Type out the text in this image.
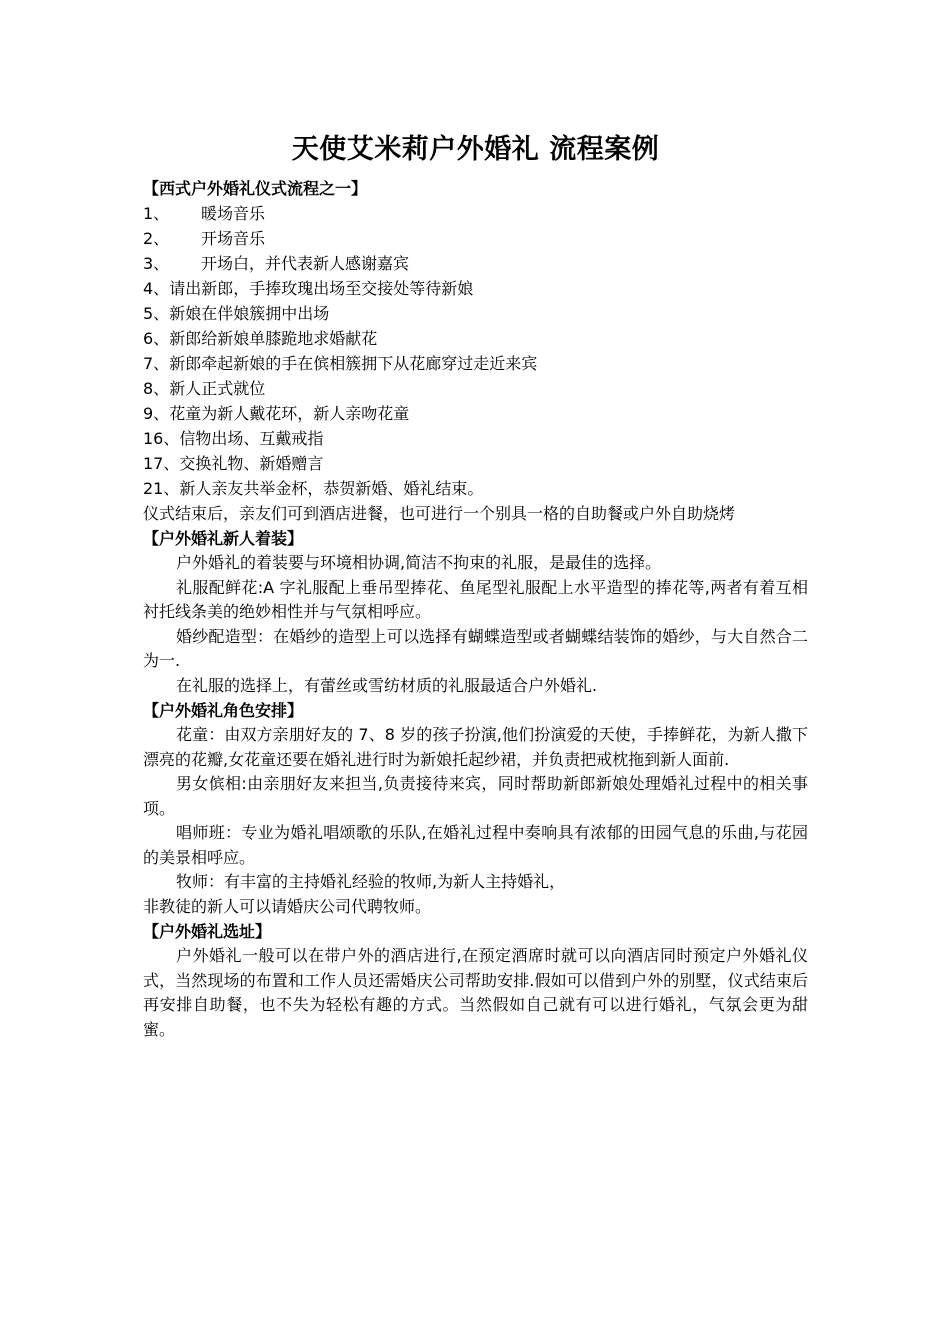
天使艾米莉户外婚礼 流程案例

【西式户外婚礼仪式流程之一】

1、	暖场音乐
2、	开场音乐
3、	开场白，并代表新人感谢嘉宾
4、 请出新郎，手捧玫瑰出场至交接处等待新娘
5、 新娘在伴娘簇拥中出场
6、 新郎给新娘单膝跪地求婚献花
7、 新郎牵起新娘的手在傧相簇拥下从花廊穿过走近来宾
8、 新人正式就位
9、 花童为新人戴花环，新人亲吻花童
16、 信物出场、互戴戒指
17、 交换礼物、新婚赠言
21、 新人亲友共举金杯，恭贺新婚、婚礼结束。

仪式结束后，亲友们可到酒店进餐，也可进行一个别具一格的自助餐或户外自助烧烤

【户外婚礼新人着装】

户外婚礼的着装要与环境相协调,简洁不拘束的礼服，是最佳的选择。

礼服配鲜花:A 字礼服配上垂吊型捧花、鱼尾型礼服配上水平造型的捧花等,两者有着互相衬托线条美的绝妙相性并与气氛相呼应。

婚纱配造型：在婚纱的造型上可以选择有蝴蝶造型或者蝴蝶结装饰的婚纱，与大自然合二为一.

在礼服的选择上，有蕾丝或雪纺材质的礼服最适合户外婚礼.

【户外婚礼角色安排】

花童：由双方亲朋好友的 7、8 岁的孩子扮演,他们扮演爱的天使，手捧鲜花，为新人撒下漂亮的花瓣,女花童还要在婚礼进行时为新娘托起纱裙，并负责把戒枕拖到新人面前.

男女傧相:由亲朋好友来担当,负责接待来宾，同时帮助新郎新娘处理婚礼过程中的相关事项。

唱师班：专业为婚礼唱颂歌的乐队,在婚礼过程中奏响具有浓郁的田园气息的乐曲,与花园的美景相呼应。

牧师：有丰富的主持婚礼经验的牧师,为新人主持婚礼，

非教徒的新人可以请婚庆公司代聘牧师。

【户外婚礼选址】

户外婚礼一般可以在带户外的酒店进行,在预定酒席时就可以向酒店同时预定户外婚礼仪式，当然现场的布置和工作人员还需婚庆公司帮助安排.假如可以借到户外的别墅，仪式结束后再安排自助餐，也不失为轻松有趣的方式。当然假如自己就有可以进行婚礼，气氛会更为甜蜜。
